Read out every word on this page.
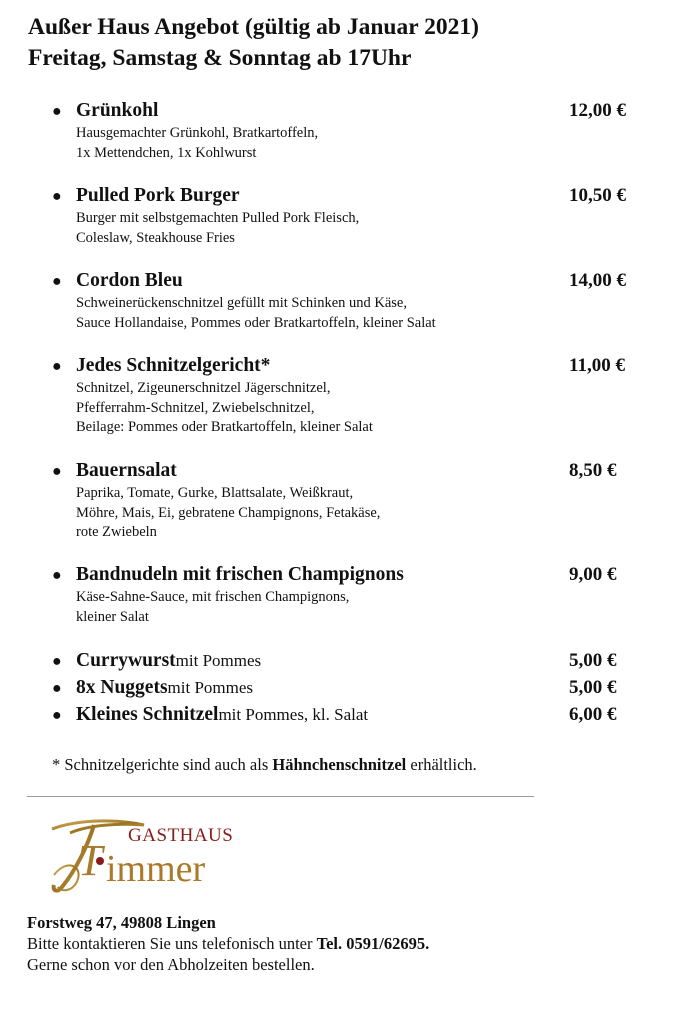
Außer Haus Angebot (gültig ab Januar 2021)
Freitag, Samstag & Sonntag ab 17Uhr
● Grünkohl	12,00 €
Hausgemachter Grünkohl, Bratkartoffeln,
1x Mettendchen, 1x Kohlwurst
● Pulled Pork Burger	10,50 €
Burger mit selbstgemachten Pulled Pork Fleisch,
Coleslaw, Steakhouse Fries
● Cordon Bleu	14,00 €
Schweinerückenschnitzel gefüllt mit Schinken und Käse,
Sauce Hollandaise, Pommes oder Bratkartoffeln, kleiner Salat
● Jedes Schnitzelgericht*	11,00 €
Schnitzel, Zigeunerschnitzel Jägerschnitzel,
Pfefferrahm-Schnitzel, Zwiebelschnitzel,
Beilage: Pommes oder Bratkartoffeln, kleiner Salat
● Bauernsalat	8,50 €
Paprika, Tomate, Gurke, Blattsalate, Weißkraut,
Möhre, Mais, Ei, gebratene Champignons, Fetakäse,
rote Zwiebeln
● Bandnudeln mit frischen Champignons	9,00 €
Käse-Sahne-Sauce, mit frischen Champignons,
kleiner Salat
● Currywurst mit Pommes	5,00 €
● 8x Nuggets mit Pommes	5,00 €
● Kleines Schnitzel mit Pommes, kl. Salat	6,00 €
* Schnitzelgerichte sind auch als Hähnchenschnitzel erhältlich.
GASTHAUS
T immer
Forstweg 47, 49808 Lingen
Bitte kontaktieren Sie uns telefonisch unter Tel. 0591/62695.
Gerne schon vor den Abholzeiten bestellen.
